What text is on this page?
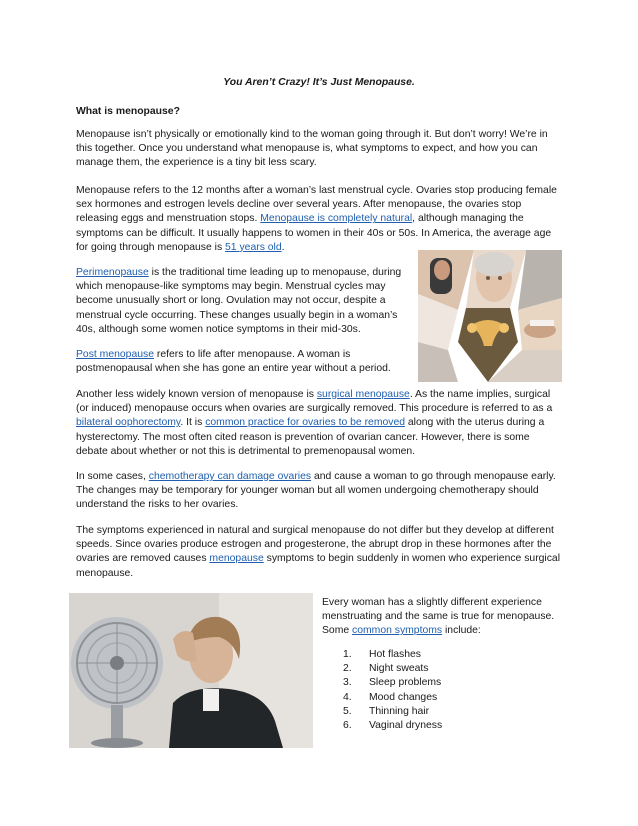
You Aren’t Crazy! It’s Just Menopause.
What is menopause?

Menopause isn’t physically or emotionally kind to the woman going through it. But don’t worry! We’re in this together. Once you understand what menopause is, what symptoms to expect, and how you can manage them, the experience is a tiny bit less scary.

Menopause refers to the 12 months after a woman’s last menstrual cycle. Ovaries stop producing female sex hormones and estrogen levels decline over several years. After menopause, the ovaries stop releasing eggs and menstruation stops. Menopause is completely natural, although managing the symptoms can be difficult. It usually happens to women in their 40s or 50s. In America, the average age for going through menopause is 51 years old.

Perimenopause is the traditional time leading up to menopause, during which menopause-like symptoms may begin. Menstrual cycles may become unusually short or long. Ovulation may not occur, despite a menstrual cycle occurring. These changes usually begin in a woman’s 40s, although some women notice symptoms in their mid-30s.

Post menopause refers to life after menopause. A woman is postmenopausal when she has gone an entire year without a period.

Another less widely known version of menopause is surgical menopause. As the name implies, surgical (or induced) menopause occurs when ovaries are surgically removed. This procedure is referred to as a bilateral oophorectomy. It is common practice for ovaries to be removed along with the uterus during a hysterectomy. The most often cited reason is prevention of ovarian cancer. However, there is some debate about whether or not this is detrimental to premenopausal women.

In some cases, chemotherapy can damage ovaries and cause a woman to go through menopause early. The changes may be temporary for younger woman but all women undergoing chemotherapy should understand the risks to her ovaries.

The symptoms experienced in natural and surgical menopause do not differ but they develop at different speeds. Since ovaries produce estrogen and progesterone, the abrupt drop in these hormones after the ovaries are removed causes menopause symptoms to begin suddenly in women who experience surgical menopause.

Every woman has a slightly different experience menstruating and the same is true for menopause. Some common symptoms include:

1.	Hot flashes
2.	Night sweats
3.	Sleep problems
4.	Mood changes
5.	Thinning hair
6.	Vaginal dryness
